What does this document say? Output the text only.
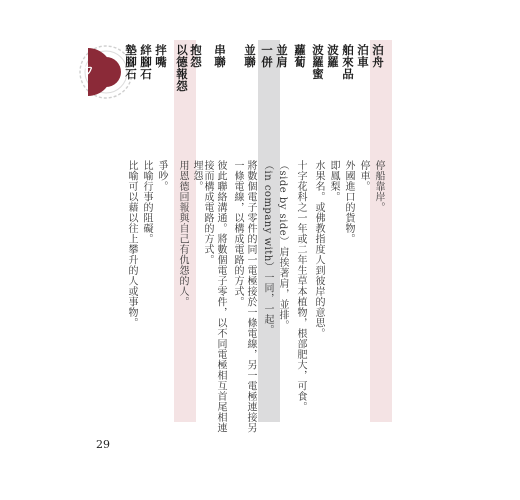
ㄅ
泊舟
停船靠岸。
泊車
停車。
舶來品
外國進口的貨物。
波羅
即鳳梨。
波羅蜜
水果名。或佛教指度人到彼岸的意思。
蘿蔔
十字花科之一年或二年生草本植物，根部肥大，可食。
並肩
（side by side）肩挨著肩，並排。
一併
（in company with）一同，一起。
並聯
將數個電子零件的同一電極接於一條電線，另一電極連接另
一條電線，以構成電路的方式。
串聯
彼此聯絡溝通。將數個電子零件，以不同電極相互首尾相連
接而構成電路的方式。
抱怨
埋怨。
以德報怨
用恩德回報與自己有仇怨的人。
拌嘴
爭吵。
絆腳石
比喻行事的阻礙。
墊腳石
比喻可以藉以往上攀升的人或事物。
29
